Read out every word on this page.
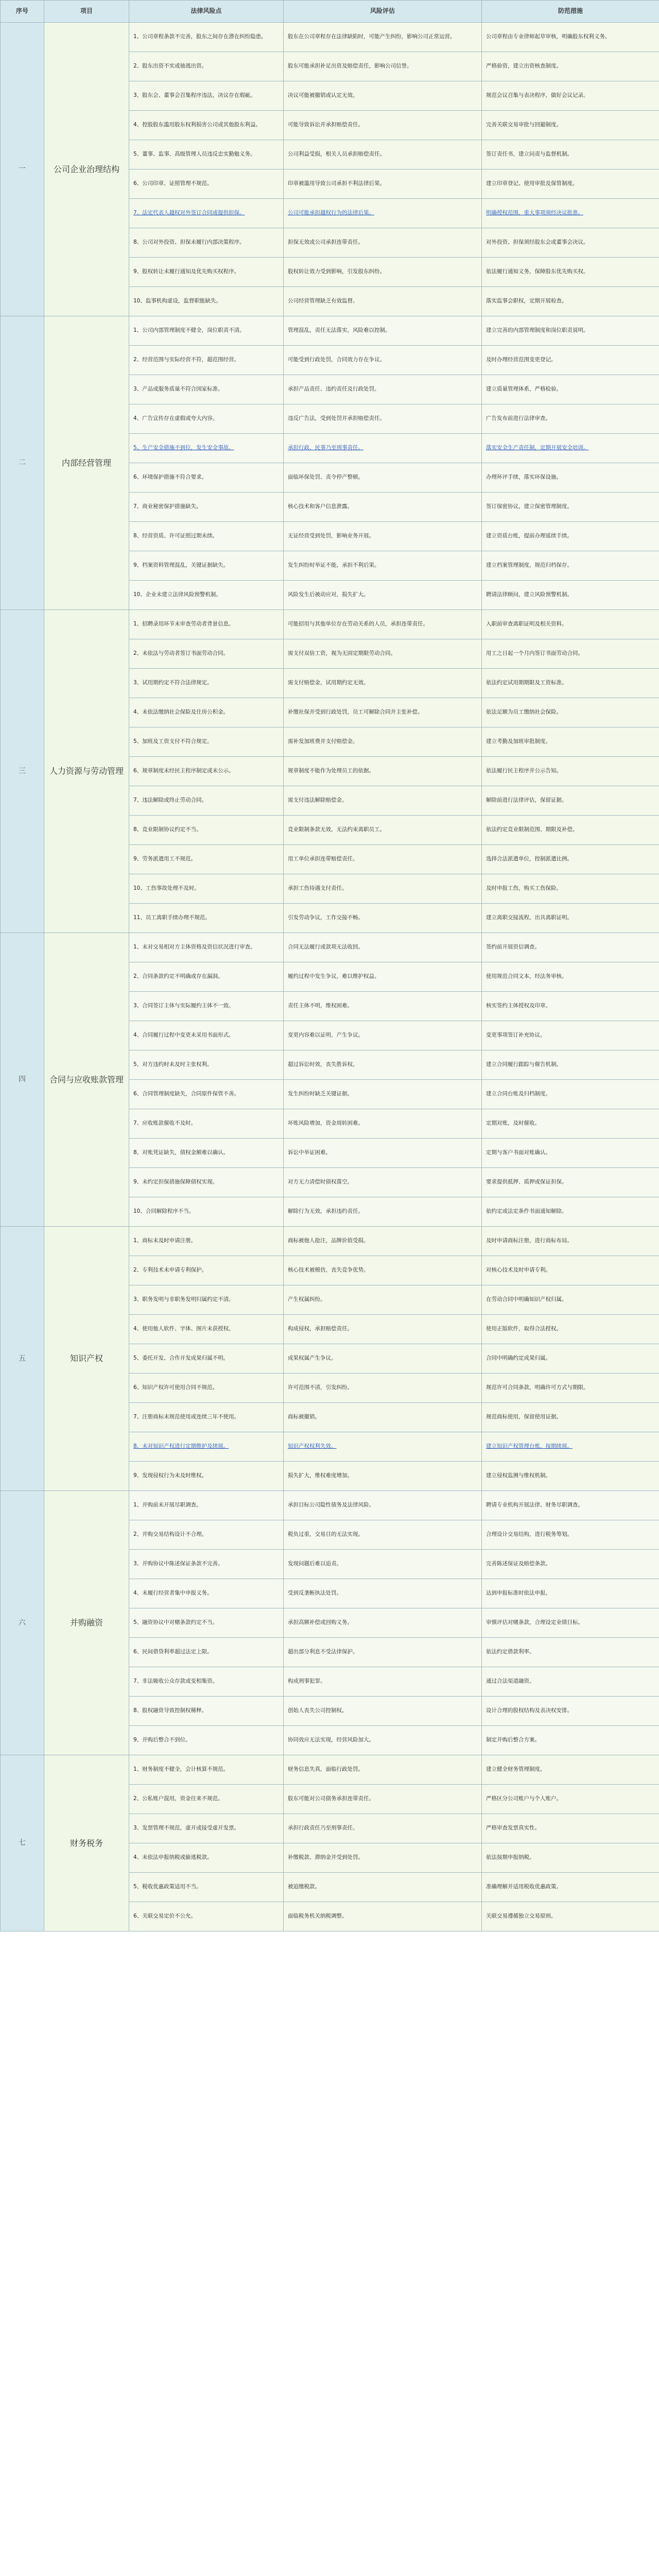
序号	项目	法律风险点	风险评估	防范措施
一	公司企业治理结构	1、公司章程条款不完善，股东之间存在潜在纠纷隐患。	股东在公司章程存在法律缺陷时，可能产生纠纷，影响公司正常运营。	公司章程由专业律师起草审核，明确股东权利义务。
		2、股东出资不实或抽逃出资。	股东可能承担补足出资及赔偿责任，影响公司信誉。	严格验资，建立出资核查制度。
		3、股东会、董事会召集程序违法，决议存在瑕疵。	决议可能被撤销或认定无效。	规范会议召集与表决程序，做好会议记录。
		4、控股股东滥用股东权利损害公司或其他股东利益。	可能导致诉讼并承担赔偿责任。	完善关联交易审批与回避制度。
		5、董事、监事、高级管理人员违反忠实勤勉义务。	公司利益受损，相关人员承担赔偿责任。	签订责任书，建立问责与监督机制。
		6、公司印章、证照管理不规范。	印章被滥用导致公司承担不利法律后果。	建立印章登记、使用审批及保管制度。
		7、法定代表人越权对外签订合同或提供担保。	公司可能承担越权行为的法律后果。	明确授权范围，重大事项须经决议批准。
		8、公司对外投资、担保未履行内部决策程序。	担保无效或公司承担连带责任。	对外投资、担保须经股东会或董事会决议。
		9、股权转让未履行通知及优先购买权程序。	股权转让效力受到影响，引发股东纠纷。	依法履行通知义务，保障股东优先购买权。
		10、监事机构虚设，监督职能缺失。	公司经营管理缺乏有效监督。	落实监事会职权，定期开展检查。
二	内部经营管理	1、公司内部管理制度不健全，岗位职责不清。	管理混乱，责任无法落实，风险难以控制。	建立完善的内部管理制度和岗位职责说明。
		2、经营范围与实际经营不符，超范围经营。	可能受到行政处罚，合同效力存在争议。	及时办理经营范围变更登记。
		3、产品或服务质量不符合国家标准。	承担产品责任、违约责任及行政处罚。	建立质量管理体系，严格检验。
		4、广告宣传存在虚假或夸大内容。	违反广告法，受到处罚并承担赔偿责任。	广告发布前进行法律审查。
		5、生产安全措施不到位，发生安全事故。	承担行政、民事乃至刑事责任。	落实安全生产责任制，定期开展安全培训。
		6、环境保护措施不符合要求。	面临环保处罚、责令停产整顿。	办理环评手续，落实环保设施。
		7、商业秘密保护措施缺失。	核心技术和客户信息泄露。	签订保密协议，建立保密管理制度。
		8、经营资质、许可证照过期未续。	无证经营受到处罚，影响业务开展。	建立资质台账，提前办理延续手续。
		9、档案资料管理混乱，关键证据缺失。	发生纠纷时举证不能，承担不利后果。	建立档案管理制度，规范归档保存。
		10、企业未建立法律风险预警机制。	风险发生后被动应对，损失扩大。	聘请法律顾问，建立风险预警机制。
三	人力资源与劳动管理	1、招聘录用环节未审查劳动者背景信息。	可能招用与其他单位存在劳动关系的人员，承担连带责任。	入职前审查离职证明及相关资料。
		2、未依法与劳动者签订书面劳动合同。	需支付双倍工资，视为无固定期限劳动合同。	用工之日起一个月内签订书面劳动合同。
		3、试用期约定不符合法律规定。	需支付赔偿金，试用期约定无效。	依法约定试用期期限及工资标准。
		4、未依法缴纳社会保险及住房公积金。	补缴社保并受到行政处罚，员工可解除合同并主张补偿。	依法足额为员工缴纳社会保险。
		5、加班及工资支付不符合规定。	需补发加班费并支付赔偿金。	建立考勤及加班审批制度。
		6、规章制度未经民主程序制定或未公示。	规章制度不能作为处理员工的依据。	依法履行民主程序并公示告知。
		7、违法解除或终止劳动合同。	需支付违法解除赔偿金。	解除前进行法律评估，保留证据。
		8、竞业限制协议约定不当。	竞业限制条款无效，无法约束离职员工。	依法约定竞业限制范围、期限及补偿。
		9、劳务派遣用工不规范。	用工单位承担连带赔偿责任。	选择合法派遣单位，控制派遣比例。
		10、工伤事故处理不及时。	承担工伤待遇支付责任。	及时申报工伤，购买工伤保险。
		11、员工离职手续办理不规范。	引发劳动争议，工作交接不畅。	建立离职交接流程，出具离职证明。
四	合同与应收账款管理	1、未对交易相对方主体资格及资信状况进行审查。	合同无法履行或款项无法收回。	签约前开展资信调查。
		2、合同条款约定不明确或存在漏洞。	履约过程中发生争议，难以维护权益。	使用规范合同文本，经法务审核。
		3、合同签订主体与实际履约主体不一致。	责任主体不明，维权困难。	核实签约主体授权及印章。
		4、合同履行过程中变更未采用书面形式。	变更内容难以证明，产生争议。	变更事项签订补充协议。
		5、对方违约时未及时主张权利。	超过诉讼时效，丧失胜诉权。	建立合同履行跟踪与催告机制。
		6、合同管理制度缺失，合同原件保管不善。	发生纠纷时缺乏关键证据。	建立合同台账及归档制度。
		7、应收账款催收不及时。	坏账风险增加，资金周转困难。	定期对账，及时催收。
		8、对账凭证缺失，债权金额难以确认。	诉讼中举证困难。	定期与客户书面对账确认。
		9、未约定担保措施保障债权实现。	对方无力清偿时债权落空。	要求提供抵押、质押或保证担保。
		10、合同解除程序不当。	解除行为无效，承担违约责任。	依约定或法定条件书面通知解除。
五	知识产权	1、商标未及时申请注册。	商标被他人抢注，品牌价值受损。	及时申请商标注册，进行商标布局。
		2、专利技术未申请专利保护。	核心技术被模仿，丧失竞争优势。	对核心技术及时申请专利。
		3、职务发明与非职务发明归属约定不清。	产生权属纠纷。	在劳动合同中明确知识产权归属。
		4、使用他人软件、字体、图片未获授权。	构成侵权，承担赔偿责任。	使用正版软件，取得合法授权。
		5、委托开发、合作开发成果归属不明。	成果权属产生争议。	合同中明确约定成果归属。
		6、知识产权许可使用合同不规范。	许可范围不清，引发纠纷。	规范许可合同条款，明确许可方式与期限。
		7、注册商标未规范使用或连续三年不使用。	商标被撤销。	规范商标使用，保留使用证据。
		8、未对知识产权进行定期维护及续展。	知识产权权利失效。	建立知识产权管理台账，按期续展。
		9、发现侵权行为未及时维权。	损失扩大，维权难度增加。	建立侵权监测与维权机制。
六	并购融资	1、并购前未开展尽职调查。	承担目标公司隐性债务及法律风险。	聘请专业机构开展法律、财务尽职调查。
		2、并购交易结构设计不合理。	税负过重，交易目的无法实现。	合理设计交易结构，进行税务筹划。
		3、并购协议中陈述保证条款不完善。	发现问题后难以追责。	完善陈述保证及赔偿条款。
		4、未履行经营者集中申报义务。	受到反垄断执法处罚。	达到申报标准时依法申报。
		5、融资协议中对赌条款约定不当。	承担高额补偿或回购义务。	审慎评估对赌条款，合理设定业绩目标。
		6、民间借贷利率超过法定上限。	超出部分利息不受法律保护。	依法约定借款利率。
		7、非法吸收公众存款或变相集资。	构成刑事犯罪。	通过合法渠道融资。
		8、股权融资导致控制权稀释。	创始人丧失公司控制权。	设计合理的股权结构及表决权安排。
		9、并购后整合不到位。	协同效应无法实现，经营风险加大。	制定并购后整合方案。
七	财务税务	1、财务制度不健全，会计核算不规范。	财务信息失真，面临行政处罚。	建立健全财务管理制度。
		2、公私账户混用，资金往来不规范。	股东可能对公司债务承担连带责任。	严格区分公司账户与个人账户。
		3、发票管理不规范，虚开或接受虚开发票。	承担行政责任乃至刑事责任。	严格审查发票真实性。
		4、未依法申报纳税或偷逃税款。	补缴税款、滞纳金并受到处罚。	依法按期申报纳税。
		5、税收优惠政策适用不当。	被追缴税款。	准确理解并适用税收优惠政策。
		6、关联交易定价不公允。	面临税务机关纳税调整。	关联交易遵循独立交易原则。
